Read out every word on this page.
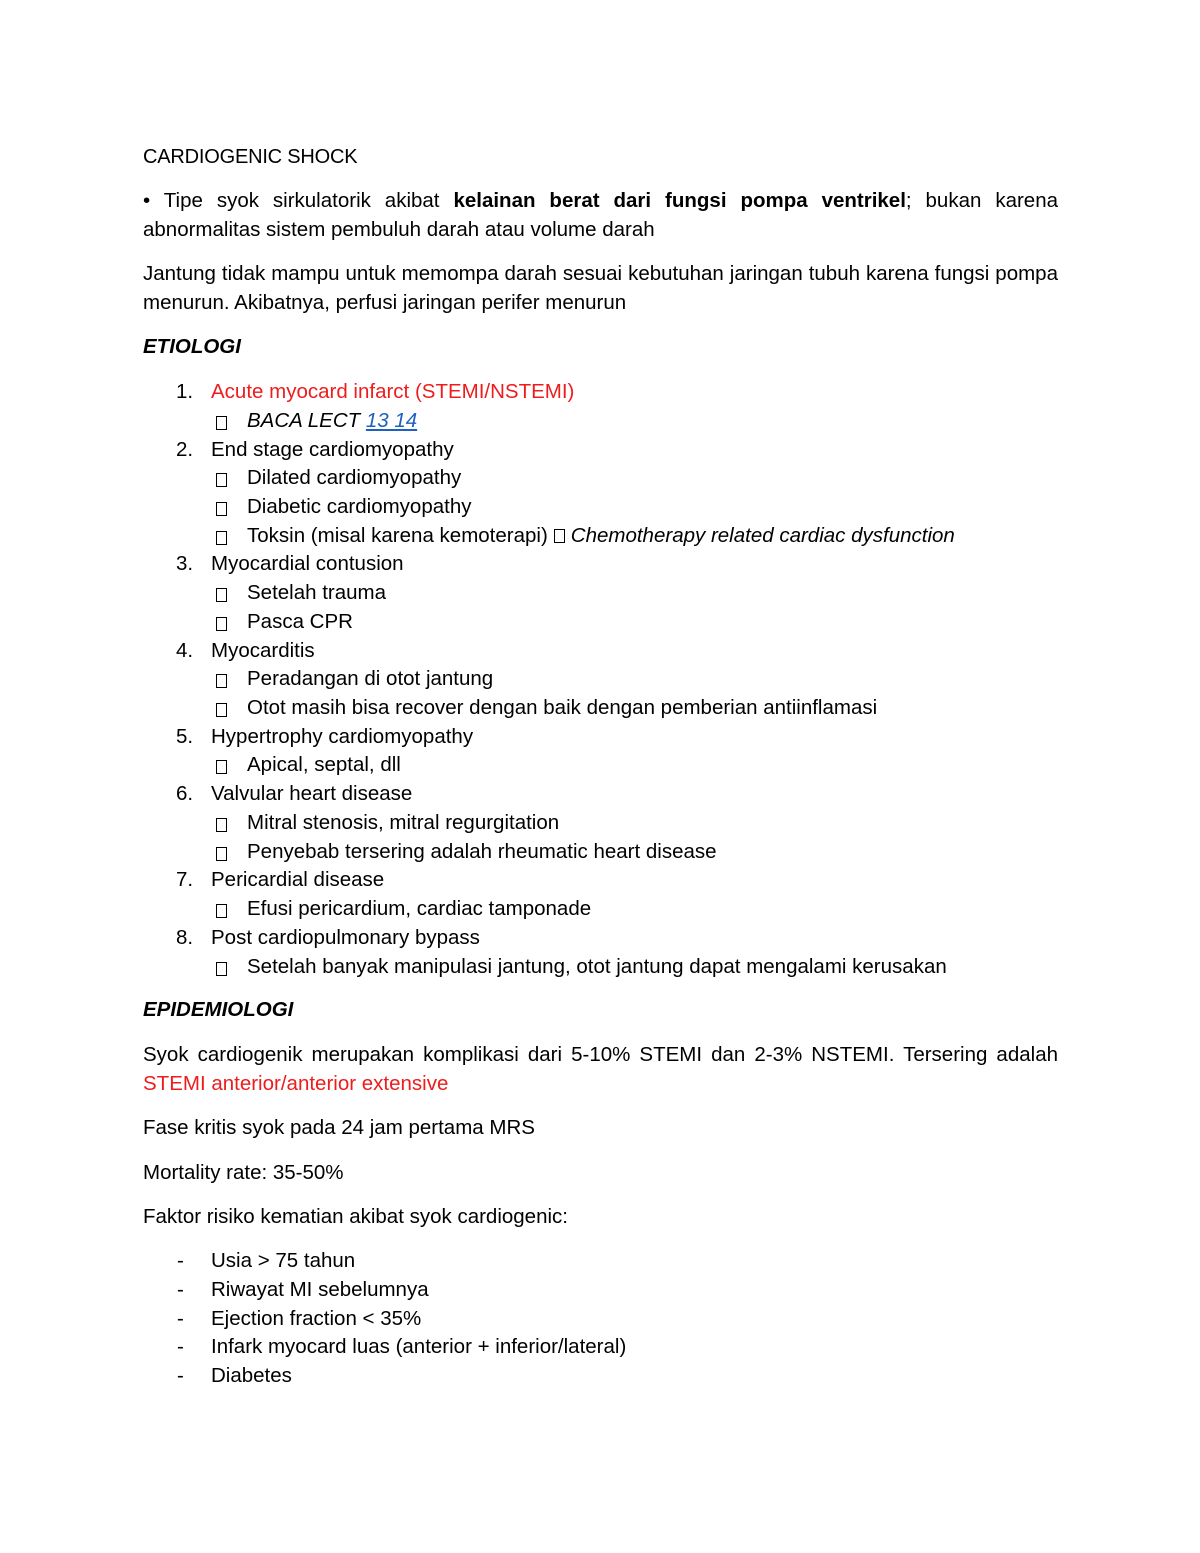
CARDIOGENIC SHOCK
• Tipe syok sirkulatorik akibat kelainan berat dari fungsi pompa ventrikel; bukan karena abnormalitas sistem pembuluh darah atau volume darah
Jantung tidak mampu untuk memompa darah sesuai kebutuhan jaringan tubuh karena fungsi pompa menurun. Akibatnya, perfusi jaringan perifer menurun
ETIOLOGI
1. Acute myocard infarct (STEMI/NSTEMI)
BACA LECT 13 14
2. End stage cardiomyopathy
Dilated cardiomyopathy
Diabetic cardiomyopathy
Toksin (misal karena kemoterapi) Chemotherapy related cardiac dysfunction
3. Myocardial contusion
Setelah trauma
Pasca CPR
4. Myocarditis
Peradangan di otot jantung
Otot masih bisa recover dengan baik dengan pemberian antiinflamasi
5. Hypertrophy cardiomyopathy
Apical, septal, dll
6. Valvular heart disease
Mitral stenosis, mitral regurgitation
Penyebab tersering adalah rheumatic heart disease
7. Pericardial disease
Efusi pericardium, cardiac tamponade
8. Post cardiopulmonary bypass
Setelah banyak manipulasi jantung, otot jantung dapat mengalami kerusakan
EPIDEMIOLOGI
Syok cardiogenik merupakan komplikasi dari 5-10% STEMI dan 2-3% NSTEMI. Tersering adalah
STEMI anterior/anterior extensive
Fase kritis syok pada 24 jam pertama MRS
Mortality rate: 35-50%
Faktor risiko kematian akibat syok cardiogenic:
- Usia > 75 tahun
- Riwayat MI sebelumnya
- Ejection fraction < 35%
- Infark myocard luas (anterior + inferior/lateral)
- Diabetes
